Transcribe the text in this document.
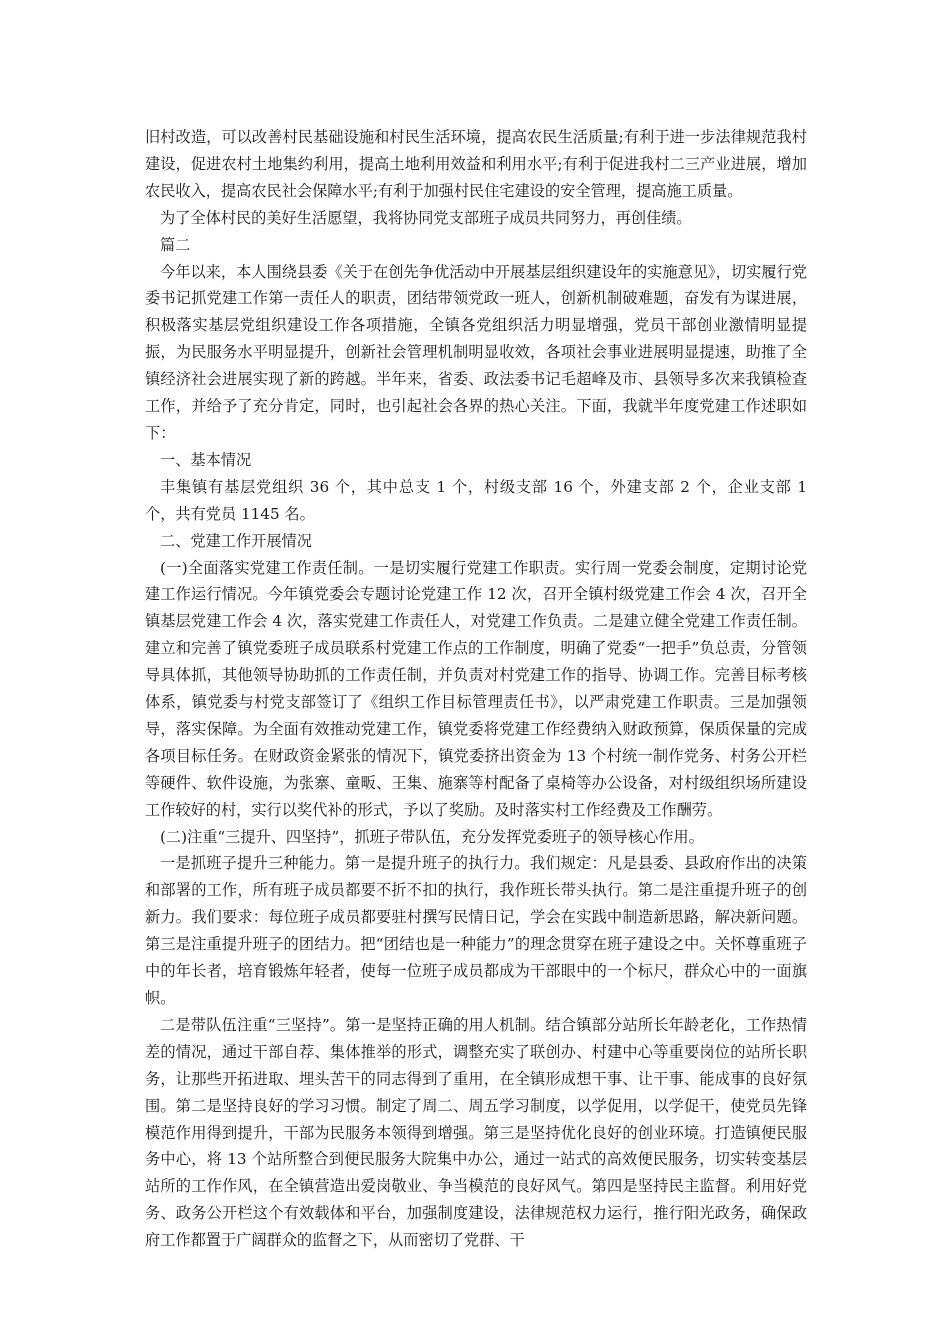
旧村改造，可以改善村民基础设施和村民生活环境，提高农民生活质量;有利于进一步法律规范我村建设，促进农村土地集约利用，提高土地利用效益和利用水平;有利于促进我村二三产业进展，增加农民收入，提高农民社会保障水平;有利于加强村民住宅建设的安全管理，提高施工质量。

为了全体村民的美好生活愿望，我将协同党支部班子成员共同努力，再创佳绩。

篇二

今年以来，本人围绕县委《关于在创先争优活动中开展基层组织建设年的实施意见》，切实履行党委书记抓党建工作第一责任人的职责，团结带领党政一班人，创新机制破难题，奋发有为谋进展，积极落实基层党组织建设工作各项措施，全镇各党组织活力明显增强，党员干部创业激情明显提振，为民服务水平明显提升，创新社会管理机制明显收效，各项社会事业进展明显提速，助推了全镇经济社会进展实现了新的跨越。半年来，省委、政法委书记毛超峰及市、县领导多次来我镇检查工作，并给予了充分肯定，同时，也引起社会各界的热心关注。下面，我就半年度党建工作述职如下：

一、基本情况

丰集镇有基层党组织 36 个，其中总支 1 个，村级支部 16 个，外建支部 2 个，企业支部 1 个，共有党员 1145 名。

二、党建工作开展情况

(一)全面落实党建工作责任制。一是切实履行党建工作职责。实行周一党委会制度，定期讨论党建工作运行情况。今年镇党委会专题讨论党建工作 12 次，召开全镇村级党建工作会 4 次，召开全镇基层党建工作会 4 次，落实党建工作责任人，对党建工作负责。二是建立健全党建工作责任制。建立和完善了镇党委班子成员联系村党建工作点的工作制度，明确了党委“一把手”负总责，分管领导具体抓，其他领导协助抓的工作责任制，并负责对村党建工作的指导、协调工作。完善目标考核体系，镇党委与村党支部签订了《组织工作目标管理责任书》，以严肃党建工作职责。三是加强领导，落实保障。为全面有效推动党建工作，镇党委将党建工作经费纳入财政预算，保质保量的完成各项目标任务。在财政资金紧张的情况下，镇党委挤出资金为 13 个村统一制作党务、村务公开栏等硬件、软件设施，为张寨、童畈、王集、施寨等村配备了桌椅等办公设备，对村级组织场所建设工作较好的村，实行以奖代补的形式，予以了奖励。及时落实村工作经费及工作酬劳。

(二)注重“三提升、四坚持”，抓班子带队伍，充分发挥党委班子的领导核心作用。

一是抓班子提升三种能力。第一是提升班子的执行力。我们规定：凡是县委、县政府作出的决策和部署的工作，所有班子成员都要不折不扣的执行，我作班长带头执行。第二是注重提升班子的创新力。我们要求：每位班子成员都要驻村撰写民情日记，学会在实践中制造新思路，解决新问题。第三是注重提升班子的团结力。把“团结也是一种能力”的理念贯穿在班子建设之中。关怀尊重班子中的年长者，培育锻炼年轻者，使每一位班子成员都成为干部眼中的一个标尺，群众心中的一面旗帜。

二是带队伍注重“三坚持”。第一是坚持正确的用人机制。结合镇部分站所长年龄老化，工作热情差的情况，通过干部自荐、集体推举的形式，调整充实了联创办、村建中心等重要岗位的站所长职务，让那些开拓进取、埋头苦干的同志得到了重用，在全镇形成想干事、让干事、能成事的良好氛围。第二是坚持良好的学习习惯。制定了周二、周五学习制度，以学促用，以学促干，使党员先锋模范作用得到提升，干部为民服务本领得到增强。第三是坚持优化良好的创业环境。打造镇便民服务中心，将 13 个站所整合到便民服务大院集中办公，通过一站式的高效便民服务，切实转变基层站所的工作作风，在全镇营造出爱岗敬业、争当模范的良好风气。第四是坚持民主监督。利用好党务、政务公开栏这个有效载体和平台，加强制度建设，法律规范权力运行，推行阳光政务，确保政府工作都置于广阔群众的监督之下，从而密切了党群、干
